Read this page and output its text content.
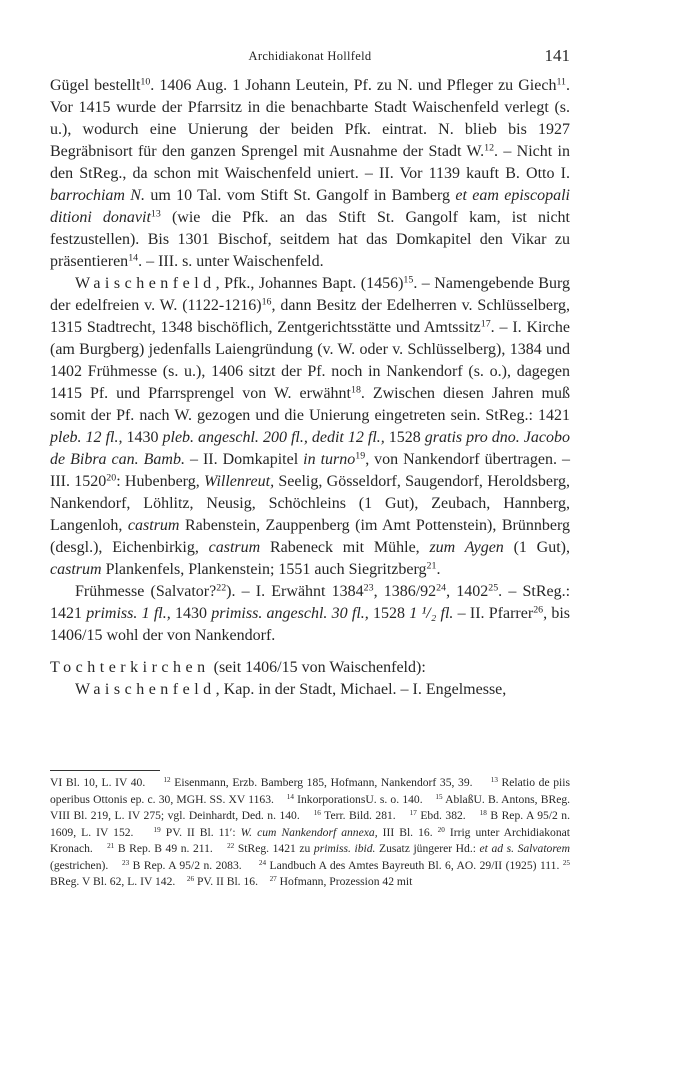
Archidiakonat Hollfeld	141

Gügel bestellt$^{10}$. 1406 Aug. 1 Johann Leutein, Pf. zu N. und Pfleger zu Giech$^{11}$. Vor 1415 wurde der Pfarrsitz in die benachbarte Stadt Waischenfeld verlegt (s. u.), wodurch eine Unierung der beiden Pfk. eintrat. N. blieb bis 1927 Begräbnisort für den ganzen Sprengel mit Ausnahme der Stadt W.$^{12}$. – Nicht in den StReg., da schon mit Waischenfeld uniert. – II. Vor 1139 kauft B. Otto I. barrochiam N. um 10 Tal. vom Stift St. Gangolf in Bamberg et eam episcopali ditioni donavit$^{13}$ (wie die Pfk. an das Stift St. Gangolf kam, ist nicht festzustellen). Bis 1301 Bischof, seitdem hat das Domkapitel den Vikar zu präsentieren$^{14}$. – III. s. unter Waischenfeld.

Waischenfeld, Pfk., Johannes Bapt. $(1456)^{15}$. – Namengebende Burg der edelfreien v. W. (1122-1216)$^{16}$, dann Besitz der Edelherren v. Schlüsselberg, 1315 Stadtrecht, 1348 bischöflich, Zentgerichtsstätte und Amtssitz$^{17}$. – I. Kirche (am Burgberg) jedenfalls Laiengründung (v. W. oder v. Schlüsselberg), 1384 und 1402 Frühmesse (s. u.), 1406 sitzt der Pf. noch in Nankendorf (s. o.), dagegen 1415 Pf. und Pfarrsprengel von W. erwähnt$^{18}$. Zwischen diesen Jahren muß somit der Pf. nach W. gezogen und die Unierung eingetreten sein. StReg.: 1421 pleb. 12 fl., 1430 pleb. angeschl. 200 fl., dedit 12 fl., 1528 gratis pro dno. Jacobo de Bibra can. Bamb. – II. Domkapitel in turno$^{19}$, von Nankendorf übertragen. – III. 1520$^{20}$: Hubenberg, Willenreut, Seelig, Gösseldorf, Saugendorf, Heroldsberg, Nankendorf, Löhlitz, Neusig, Schöchleins (1 Gut), Zeubach, Hannberg, Langenloh, castrum Rabenstein, Zauppenberg (im Amt Pottenstein), Brünnberg (desgl.), Eichenbirkig, castrum Rabeneck mit Mühle, zum Aygen (1 Gut), castrum Plankenfels, Plankenstein; 1551 auch Siegritzberg$^{21}$.

Frühmesse (Salvator?$^{22}$). – I. Erwähnt 1384$^{23}$, $1386/92^{24}$, 1402$^{25}$. – StReg.: 1421 primiss. 1 fl., 1430 primiss. angeschl. 30 fl., 1528 1 ¹/₂ fl. – II. Pfarrer$^{26}$, bis 1406/15 wohl der von Nankendorf.

Tochterkirchen (seit 1406/15 von Waischenfeld):

Waischenfeld, Kap. in der Stadt, Michael. – I. Engelmesse,

VI Bl. 10, L. IV 40.	$^{12}$ Eisenmann, Erzb. Bamberg 185, Hofmann, Nankendorf 35, 39.	$^{13}$ Relatio de piis operibus Ottonis ep. c. 30, MGH. SS. XV 1163. $^{14}$ InkorporationsU. s. o. 140. $^{15}$ AblaßU. B. Antons, BReg. VIII Bl. 219, L. IV 275; vgl. Deinhardt, Ded. n. 140. $^{16}$ Terr. Bild. 281. $^{17}$ Ebd. 382. $^{18}$ B Rep. A 95/2 n. 1609, L. IV 152.	$^{19}$ PV. II Bl. 11′: W. cum Nankendorf annexa, III Bl. 16. $^{20}$ Irrig unter Archidiakonat Kronach. $^{21}$ B Rep. B 49 n. 211. $^{22}$ StReg. 1421 zu primiss. ibid. Zusatz jüngerer Hd.: et ad s. Salvatorem (gestrichen). $^{23}$ B Rep. A 95/2 n. 2083. $^{24}$ Landbuch A des Amtes Bayreuth Bl. 6, AO. 29/II (1925) 111. $^{25}$ BReg. V Bl. 62, L. IV 142. $^{26}$ PV. II Bl. 16. $^{27}$ Hofmann, Prozession 42 mit
